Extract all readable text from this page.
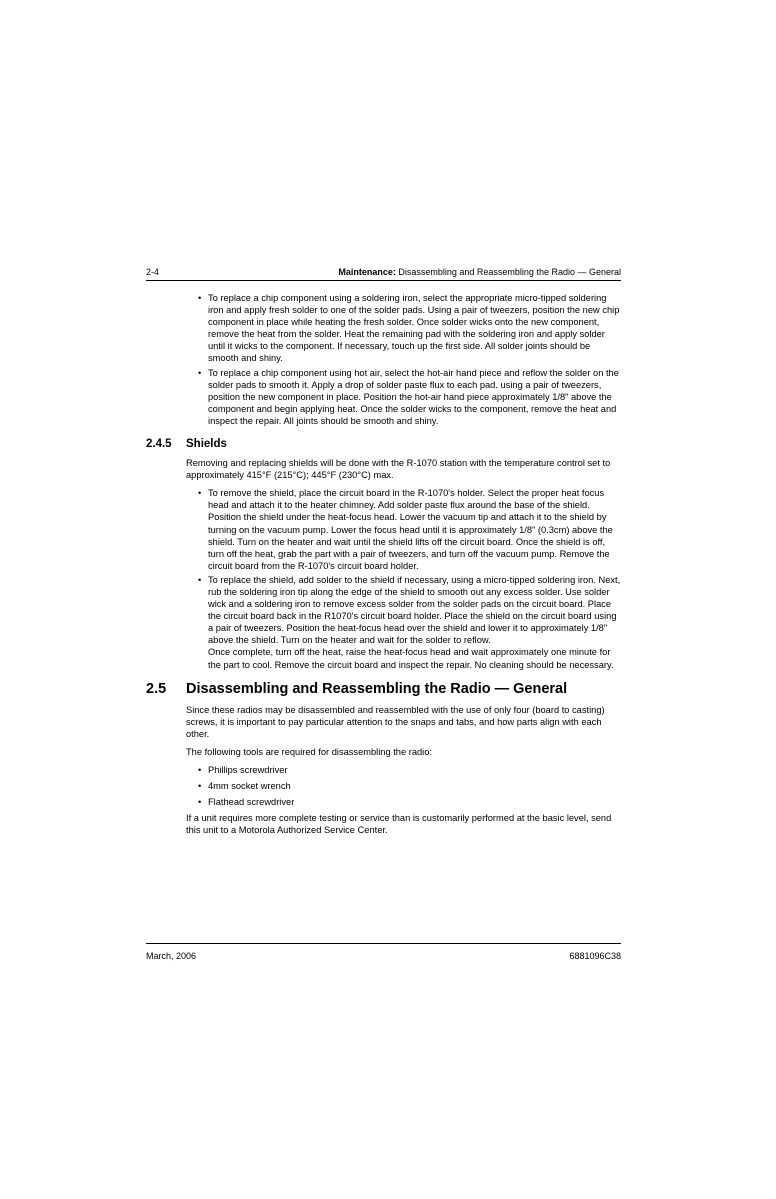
2-4	Maintenance: Disassembling and Reassembling the Radio — General
• To replace a chip component using a soldering iron, select the appropriate micro-tipped soldering iron and apply fresh solder to one of the solder pads. Using a pair of tweezers, position the new chip component in place while heating the fresh solder. Once solder wicks onto the new component, remove the heat from the solder. Heat the remaining pad with the soldering iron and apply solder until it wicks to the component. If necessary, touch up the first side. All solder joints should be smooth and shiny.

• To replace a chip component using hot air, select the hot-air hand piece and reflow the solder on the solder pads to smooth it. Apply a drop of solder paste flux to each pad. using a pair of tweezers, position the new component in place. Position the hot-air hand piece approximately 1/8" above the component and begin applying heat. Once the solder wicks to the component, remove the heat and inspect the repair. All joints should be smooth and shiny.

2.4.5	Shields

Removing and replacing shields will be done with the R-1070 station with the temperature control set to approximately 415°F (215°C); 445°F (230°C) max.

• To remove the shield, place the circuit board in the R-1070's holder. Select the proper heat focus head and attach it to the heater chimney. Add solder paste flux around the base of the shield. Position the shield under the heat-focus head. Lower the vacuum tip and attach it to the shield by turning on the vacuum pump. Lower the focus head until it is approximately 1/8" (0.3cm) above the shield. Turn on the heater and wait until the shield lifts off the circuit board. Once the shield is off, turn off the heat, grab the part with a pair of tweezers, and turn off the vacuum pump. Remove the circuit board from the R-1070's circuit board holder.

• To replace the shield, add solder to the shield if necessary, using a micro-tipped soldering iron. Next, rub the soldering iron tip along the edge of the shield to smooth out any excess solder. Use solder wick and a soldering iron to remove excess solder from the solder pads on the circuit board. Place the circuit board back in the R1070's circuit board holder. Place the shield on the circuit board using a pair of tweezers. Position the heat-focus head over the shield and lower it to approximately 1/8" above the shield. Turn on the heater and wait for the solder to reflow.

Once complete, turn off the heat, raise the heat-focus head and wait approximately one minute for the part to cool. Remove the circuit board and inspect the repair. No cleaning should be necessary.

2.5	Disassembling and Reassembling the Radio — General

Since these radios may be disassembled and reassembled with the use of only four (board to casting) screws, it is important to pay particular attention to the snaps and tabs, and how parts align with each other.

The following tools are required for disassembling the radio:

• Phillips screwdriver

• 4mm socket wrench

• Flathead screwdriver

If a unit requires more complete testing or service than is customarily performed at the basic level, send this unit to a Motorola Authorized Service Center.

March, 2006	6881096C38
